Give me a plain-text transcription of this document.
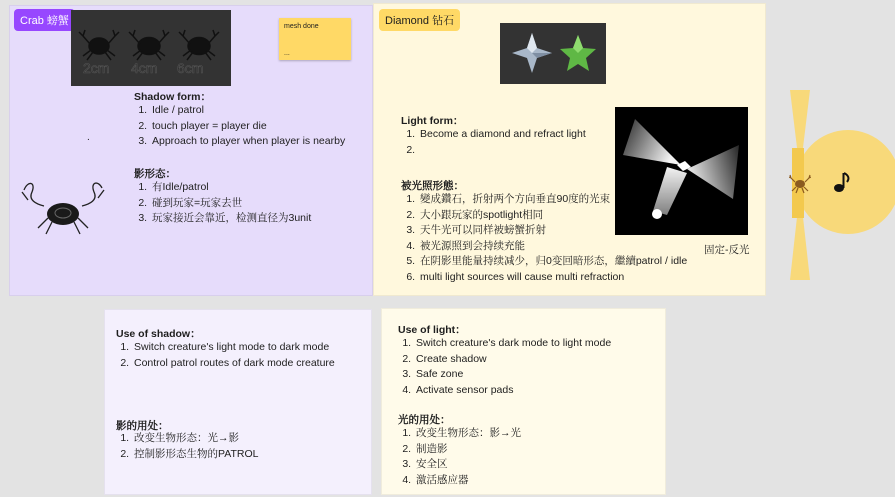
Crab 螃蟹
2cm 4cm 6cm
mesh done
...
Shadow form：
1. Idle / patrol
2. touch player = player die
3. Approach to player when player is nearby
.
影形态：
1. 有Idle/patrol
2. 碰到玩家=玩家去世
3. 玩家接近会靠近，检测直径为3unit
Diamond 钻石
Light form：
1. Become a diamond and refract light
2.
被光照形態：
1. 變成鑽石，折射两个方向垂直90度的光束
2. 大小跟玩家的spotlight相同
3. 天牛光可以同样被螃蟹折射
4. 被光源照到会持续充能
5. 在阴影里能量持续减少，归0变回暗形态，繼續patrol / idle
6. multi light sources will cause multi refraction
固定-反光
Use of shadow：
1. Switch creature's light mode to dark mode
2. Control patrol routes of dark mode creature
影的用处：
1. 改变生物形态：光→影
2. 控制影形态生物的PATROL
Use of light：
1. Switch creature's dark mode to light mode
2. Create shadow
3. Safe zone
4. Activate sensor pads
光的用处：
1. 改变生物形态：影→光
2. 制造影
3. 安全区
4. 激活感应器
